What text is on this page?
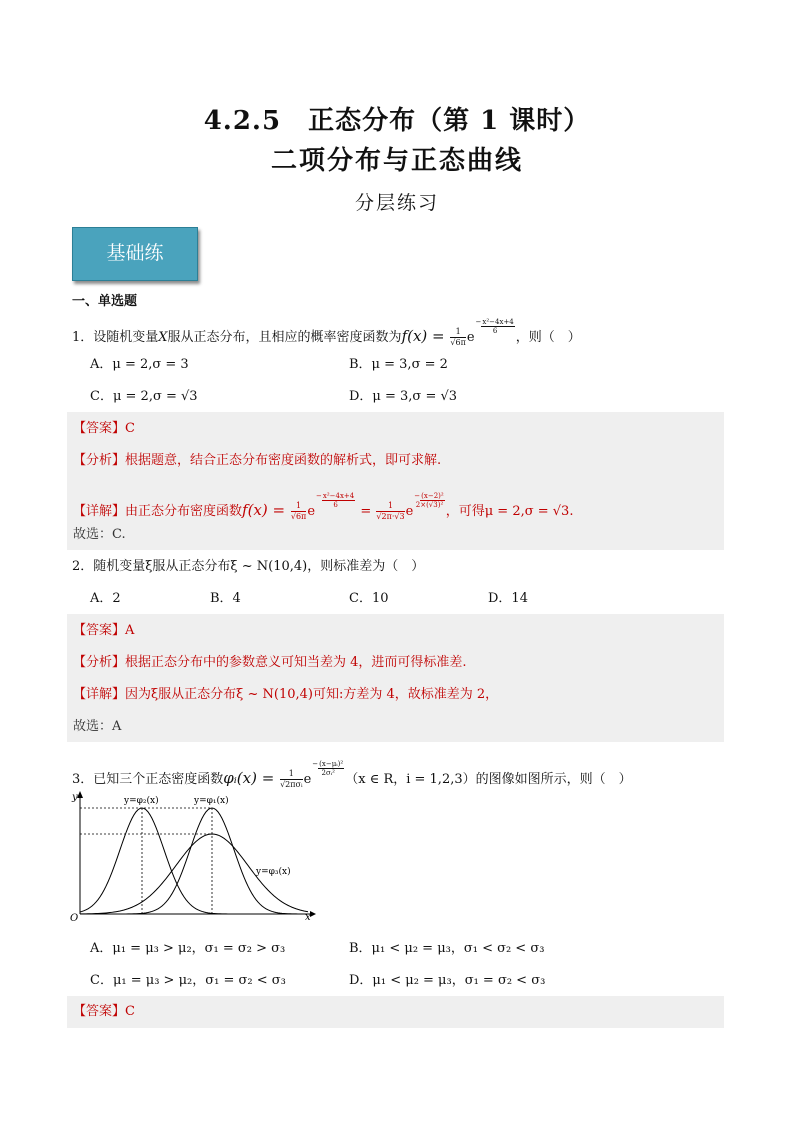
4.2.5　正态分布（第 1 课时）
二项分布与正态曲线
分层练习
基础练
一、单选题
1．设随机变量X服从正态分布，且相应的概率密度函数为$f(x) = \frac{1}{√6\pi} e-x^2-4x+4$
6	，则（　）
A．μ = 2,σ = 3	B．μ = 3,σ = 2
C．μ = 2,σ = √3	D．μ = 3,σ = √3
【答案】C
【分析】根据题意，结合正态分布密度函数的解析式，即可求解.
【详解】由正态分布密度函数$f(x) = \frac{1}{√6\pi} e-x^2-4x+4$
6	= $\frac{1}{√2\pi\cdot√3} e-(x-2)^2$
2×(√3)² ，可得μ = 2,σ = √3.
故选：C.
2．随机变量ξ服从正态分布ξ ~ N(10,4)，则标准差为（　）
A．2	B．4	C．10	D．14
【答案】A
【分析】根据正态分布中的参数意义可知当差为 4，进而可得标准差.
【详解】因为ξ服从正态分布ξ ~ N(10,4)可知:方差为 4，故标准差为 2，
故选：A
3．已知三个正态密度函数φᵢ(x) = $\frac{1}{\text{√2πσᵢ}}$ e−(x−μᵢ)²
2σᵢ² （x ∈ R，i = 1,2,3）的图像如图所示，则（　）
y
x
O
y=φ₂(x)	y=φ₁(x)
y=φ₃(x)
A．μ₁ = μ₃ > μ₂，σ₁ = σ₂ > σ₃	B．μ₁ < μ₂ = μ₃，σ₁ < σ₂ < σ₃
C．μ₁ = μ₃ > μ₂，σ₁ = σ₂ < σ₃	D．μ₁ < μ₂ = μ₃，σ₁ = σ₂ < σ₃
【答案】C
